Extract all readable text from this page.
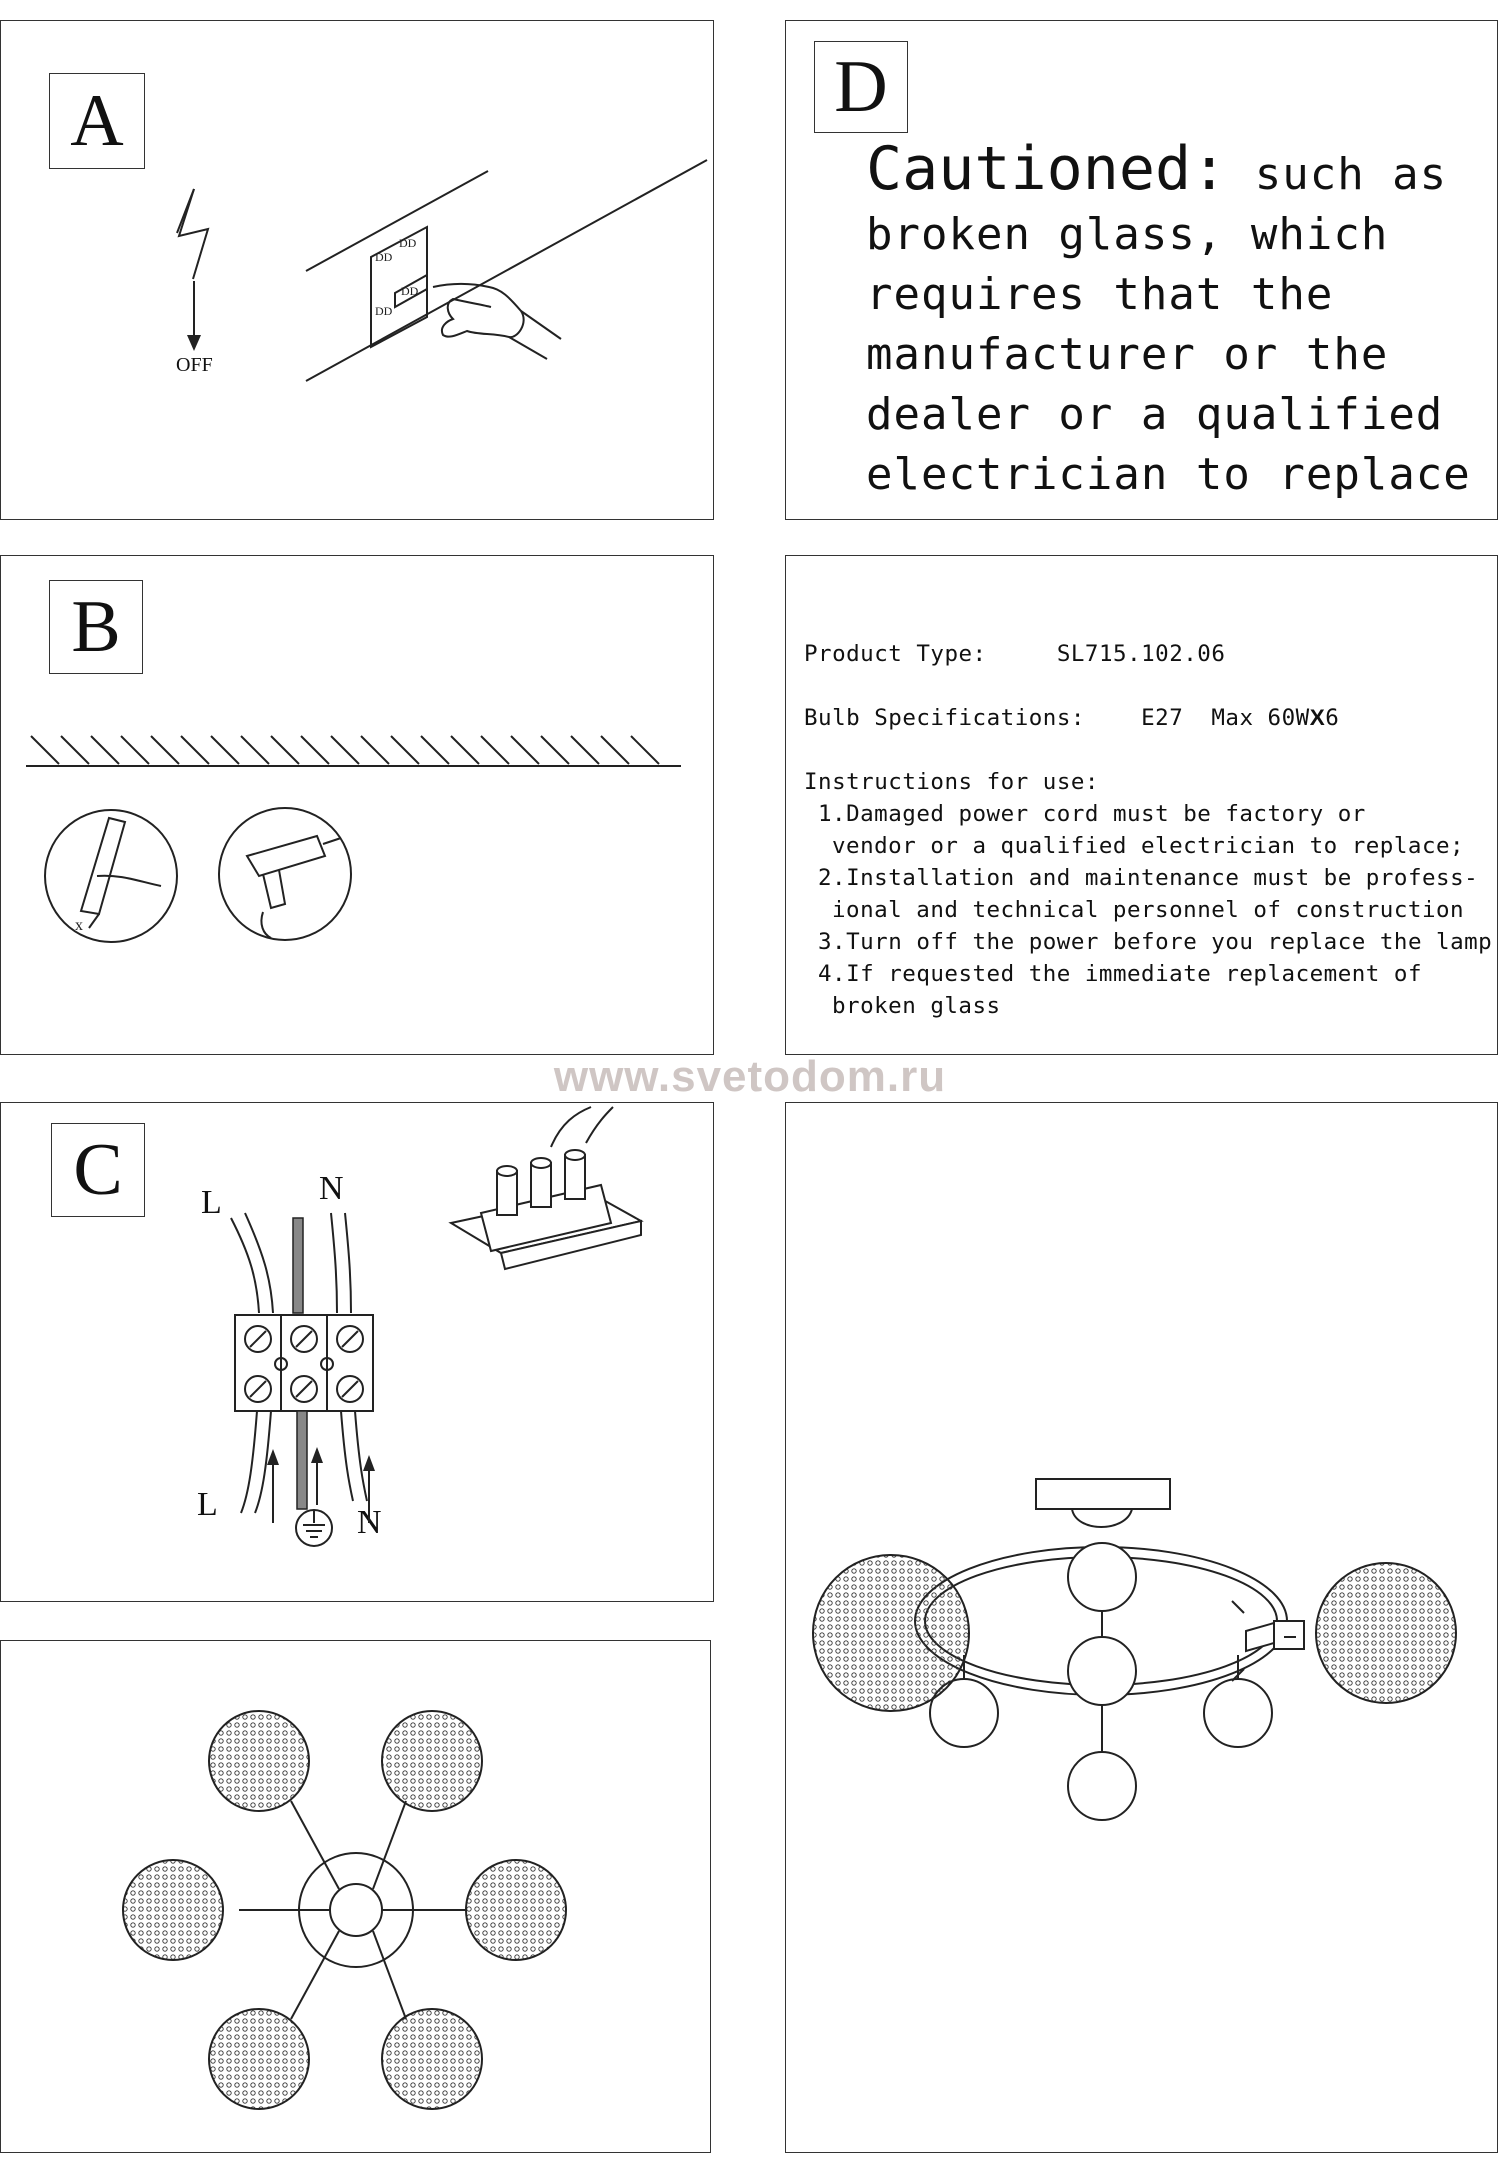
A
OFF
DD
DD
DD
DD
D
Cautioned: such as broken glass, which requires that the manufacturer or the dealer or a qualified electrician to replace
B
x
Product Type:	SL715.102.06
Bulb Specifications: E27 Max 60WX6
Instructions for use:
1.Damaged power cord must be factory or
vendor or a qualified electrician to replace;
2.Installation and maintenance must be profess-
ional and technical personnel of construction
3.Turn off the power before you replace the lamp
4.If requested the immediate replacement of
broken glass
www.svetodom.ru
C	L	N
L	N
